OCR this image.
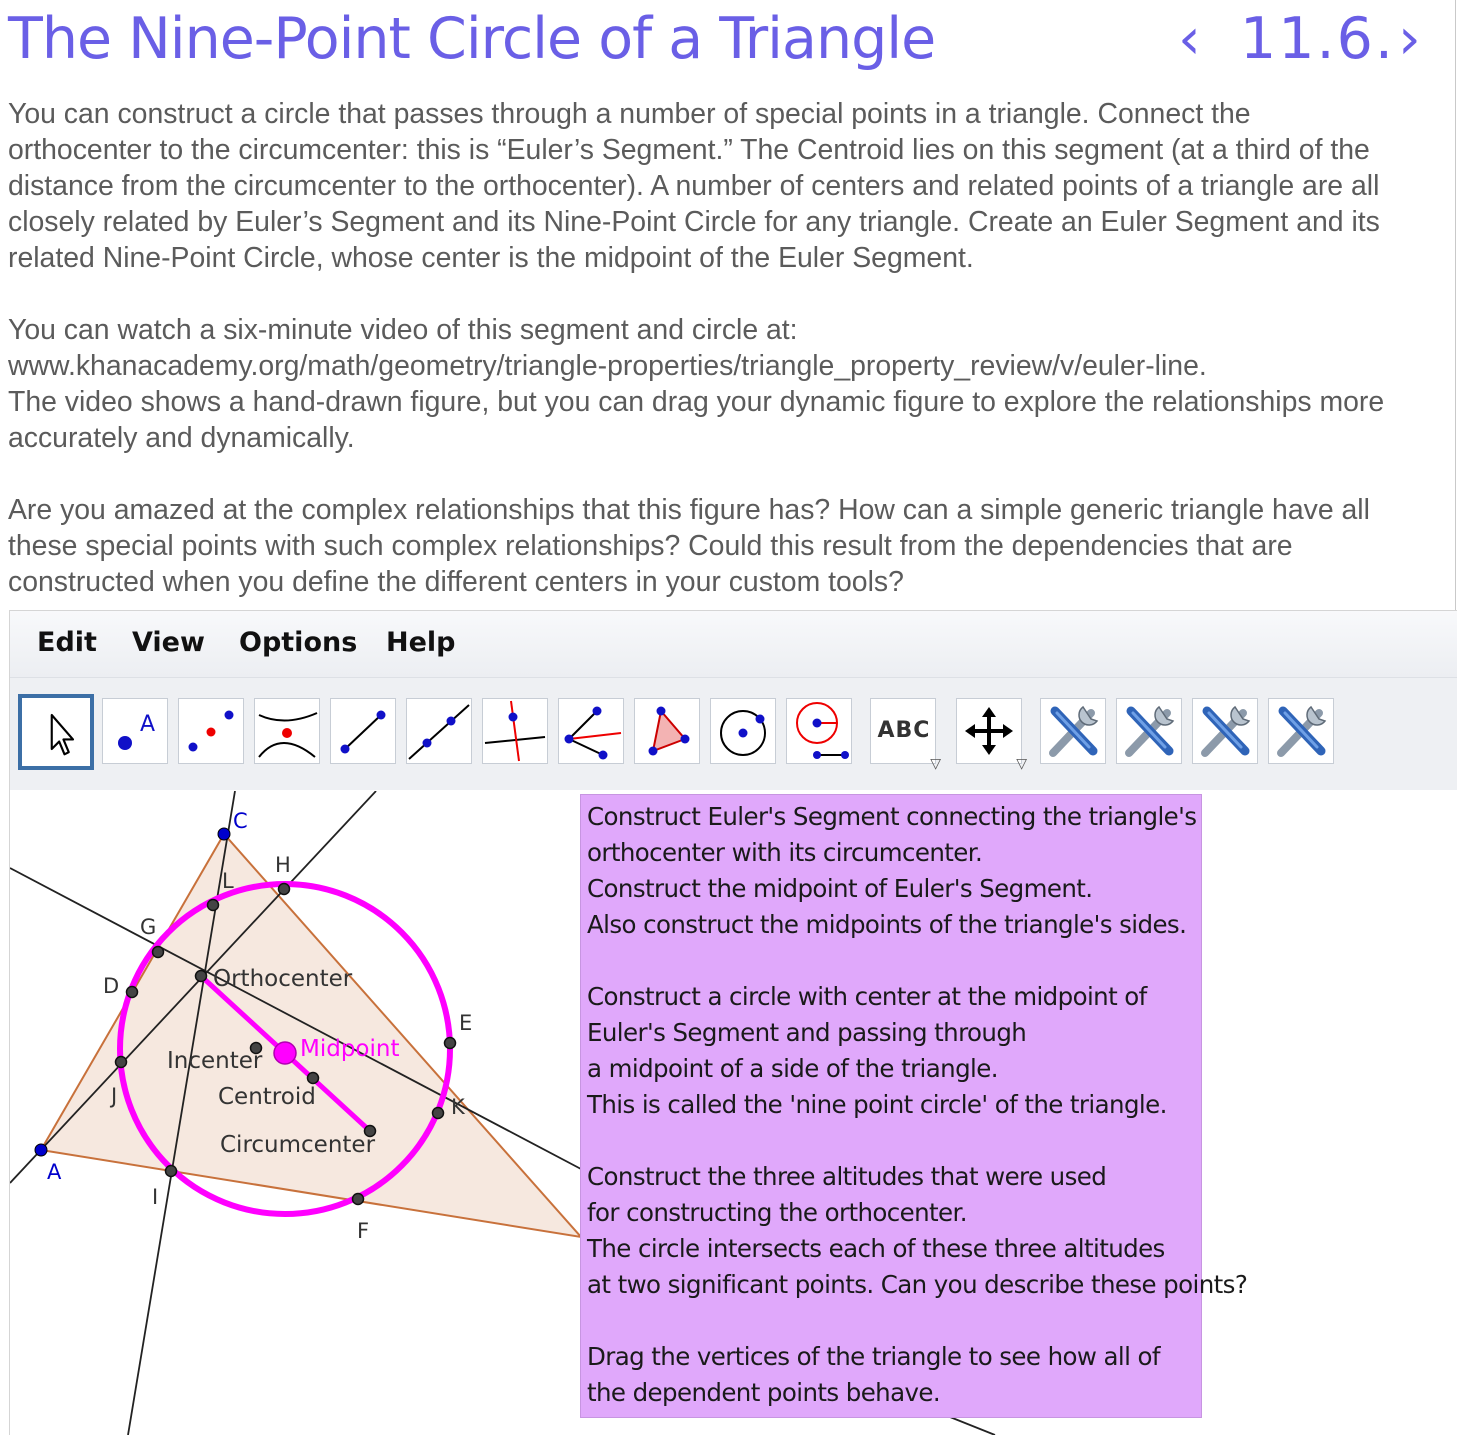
The Nine-Point Circle of a Triangle	‹ 11.6. ›

You can construct a circle that passes through a number of special points in a triangle. Connect the
orthocenter to the circumcenter: this is “Euler’s Segment.” The Centroid lies on this segment (at a third of the
distance from the circumcenter to the orthocenter). A number of centers and related points of a triangle are all
closely related by Euler’s Segment and its Nine-Point Circle for any triangle. Create an Euler Segment and its
related Nine-Point Circle, whose center is the midpoint of the Euler Segment.

You can watch a six-minute video of this segment and circle at:
www.khanacademy.org/math/geometry/triangle-properties/triangle_property_review/v/euler-line.
The video shows a hand-drawn figure, but you can drag your dynamic figure to explore the relationships more
accurately and dynamically.

Are you amazed at the complex relationships that this figure has? How can a simple generic triangle have all
these special points with such complex relationships? Could this result from the dependencies that are
constructed when you define the different centers in your custom tools?

Edit View Options Help
A	ABC
▽	▽
A
C
H
L
G
D
E
J	K
I
F
Orthocenter
Midpoint
Incenter
Centroid
Circumcenter
Construct Euler's Segment connecting the triangle's
orthocenter with its circumcenter.
Construct the midpoint of Euler's Segment.
Also construct the midpoints of the triangle's sides.
Construct a circle with center at the midpoint of
Euler's Segment and passing through
a midpoint of a side of the triangle.
This is called the 'nine point circle' of the triangle.
Construct the three altitudes that were used
for constructing the orthocenter.
The circle intersects each of these three altitudes
at two significant points. Can you describe these points?
Drag the vertices of the triangle to see how all of
the dependent points behave.
